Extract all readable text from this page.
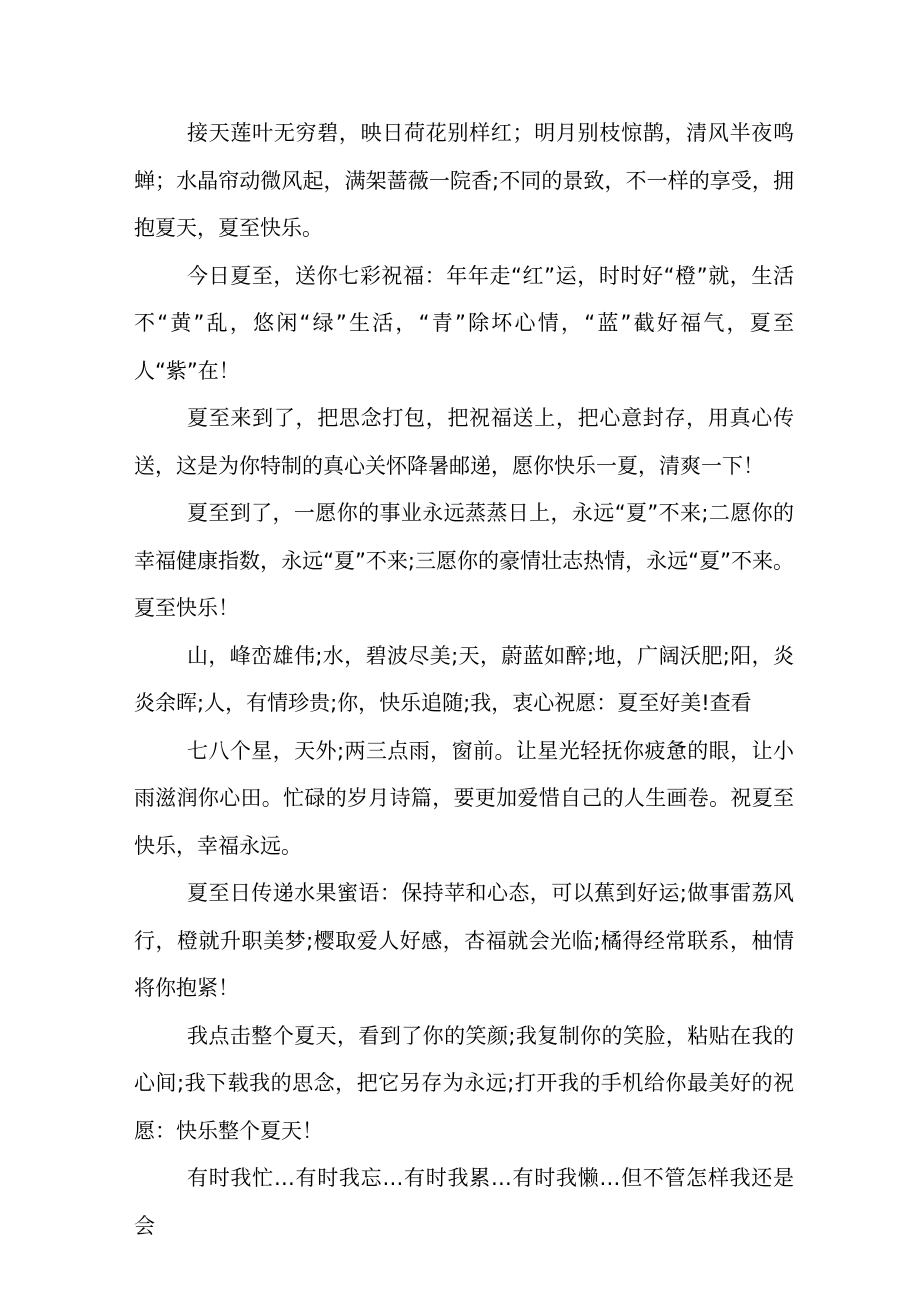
接天莲叶无穷碧，映日荷花别样红；明月别枝惊鹊，清风半夜鸣蝉；水晶帘动微风起，满架蔷薇一院香;不同的景致，不一样的享受，拥抱夏天，夏至快乐。

今日夏至，送你七彩祝福：年年走“红”运，时时好“橙”就，生活不“黄”乱，悠闲“绿”生活，“青”除坏心情，“蓝”截好福气，夏至人“紫”在！

夏至来到了，把思念打包，把祝福送上，把心意封存，用真心传送，这是为你特制的真心关怀降暑邮递，愿你快乐一夏，清爽一下！

夏至到了，一愿你的事业永远蒸蒸日上，永远“夏”不来;二愿你的幸福健康指数，永远“夏”不来;三愿你的豪情壮志热情，永远“夏”不来。夏至快乐！

山，峰峦雄伟;水，碧波尽美;天，蔚蓝如醉;地，广阔沃肥;阳，炎炎余晖;人，有情珍贵;你，快乐追随;我，衷心祝愿：夏至好美!查看

七八个星，天外;两三点雨，窗前。让星光轻抚你疲惫的眼，让小雨滋润你心田。忙碌的岁月诗篇，要更加爱惜自己的人生画卷。祝夏至快乐，幸福永远。

夏至日传递水果蜜语：保持苹和心态，可以蕉到好运;做事雷荔风行，橙就升职美梦;樱取爱人好感，杏福就会光临;橘得经常联系，柚情将你抱紧！

我点击整个夏天，看到了你的笑颜;我复制你的笑脸，粘贴在我的心间;我下载我的思念，把它另存为永远;打开我的手机给你最美好的祝愿：快乐整个夏天！

有时我忙…有时我忘…有时我累…有时我懒…但不管怎样我还是会
